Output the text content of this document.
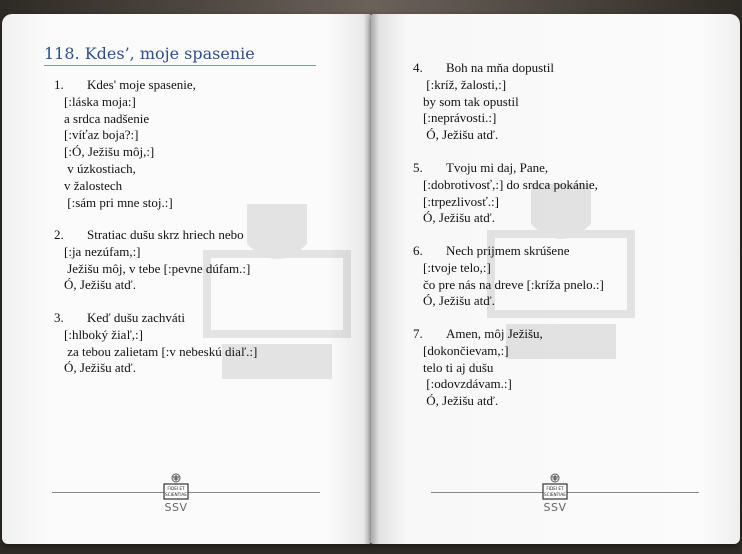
118. Kdes’, moje spasenie
1. Kdes' moje spasenie,
[:láska moja:]
a srdca nadšenie
[:víťaz boja?:]
[:Ó, Ježišu môj,:]
v úzkostiach,
v žalostech
[:sám pri mne stoj.:]
2. Stratiac dušu skrz hriech nebo
[:ja nezúfam,:]
Ježišu môj, v tebe [:pevne dúfam.:]
Ó, Ježišu atď.
3. Keď dušu zachváti
[:hlboký žiaľ,:]
za tebou zalietam [:v nebeskú diaľ.:]
Ó, Ježišu atď.
FIDEI ET
SCIENTIAE
SSV
4. Boh na mňa dopustil
[:kríž, žalosti,:]
by som tak opustil
[:neprávosti.:]
Ó, Ježišu atď.
5. Tvoju mi daj, Pane,
[:dobrotivosť,:] do srdca pokánie,
[:trpezlivosť.:]
Ó, Ježišu atď.
6. Nech prijmem skrúšene
[:tvoje telo,:]
čo pre nás na dreve [:kríža pnelo.:]
Ó, Ježišu atď.
7. Amen, môj Ježišu,
[dokončievam,:]
telo ti aj dušu
[:odovzdávam.:]
Ó, Ježišu atď.
FIDEI ET
SCIENTIAE
SSV
